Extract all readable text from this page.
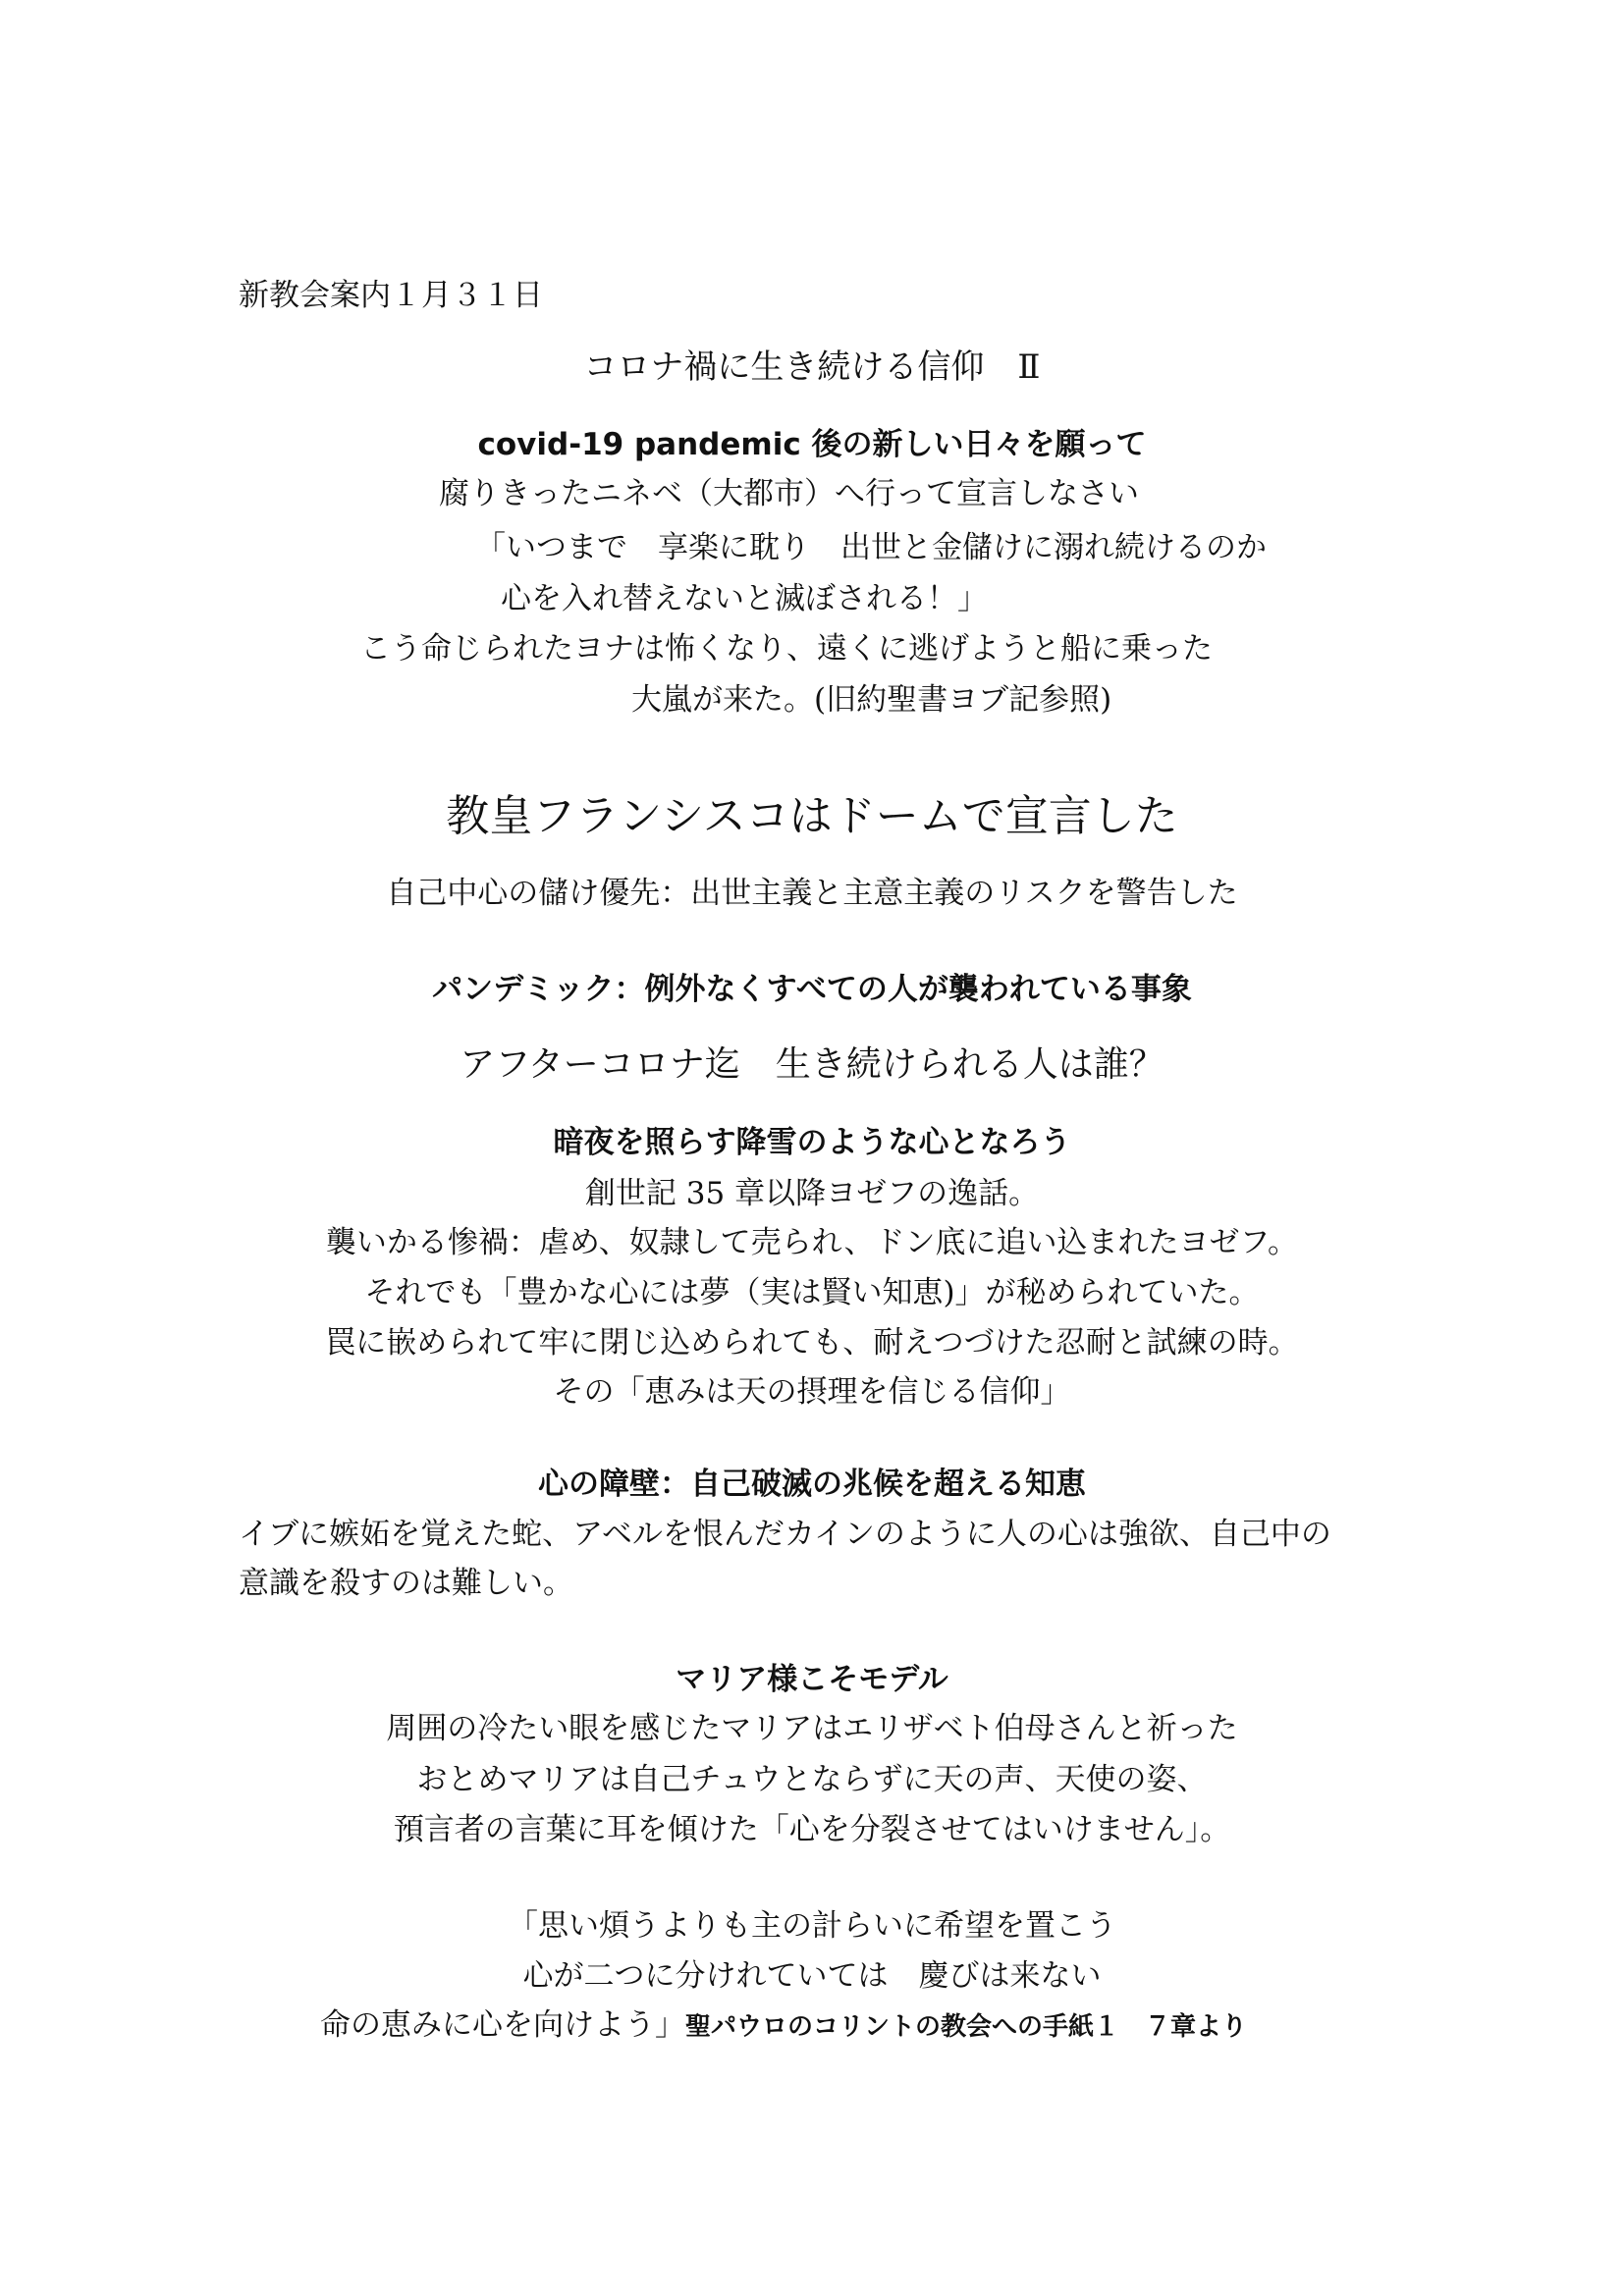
新教会案内１月３１日

コロナ禍に生き続ける信仰　Ⅱ

covid-19 pandemic 後の新しい日々を願って

腐りきったニネベ（大都市）へ行って宣言しなさい

「いつまで　享楽に耽り　出世と金儲けに溺れ続けるのか

心を入れ替えないと滅ぼされる！」

こう命じられたヨナは怖くなり、遠くに逃げようと船に乗った

大嵐が来た。(旧約聖書ヨブ記参照)

教皇フランシスコはドームで宣言した

自己中心の儲け優先：出世主義と主意主義のリスクを警告した

パンデミック：例外なくすべての人が襲われている事象

アフターコロナ迄　生き続けられる人は誰？

暗夜を照らす降雪のような心となろう

創世記 35 章以降ヨゼフの逸話。

襲いかる惨禍：虐め、奴隷して売られ、ドン底に追い込まれたヨゼフ。

それでも「豊かな心には夢（実は賢い知恵)」が秘められていた。

罠に嵌められて牢に閉じ込められても、耐えつづけた忍耐と試練の時。

その「恵みは天の摂理を信じる信仰」

心の障壁：自己破滅の兆候を超える知恵

イブに嫉妬を覚えた蛇、アベルを恨んだカインのように人の心は強欲、自己中の

意識を殺すのは難しい。

マリア様こそモデル

周囲の冷たい眼を感じたマリアはエリザベト伯母さんと祈った

おとめマリアは自己チュウとならずに天の声、天使の姿、

預言者の言葉に耳を傾けた「心を分裂させてはいけません」。

「思い煩うよりも主の計らいに希望を置こう

心が二つに分けれていては　慶びは来ない

命の恵みに心を向けよう」聖パウロのコリントの教会への手紙１　７章より
